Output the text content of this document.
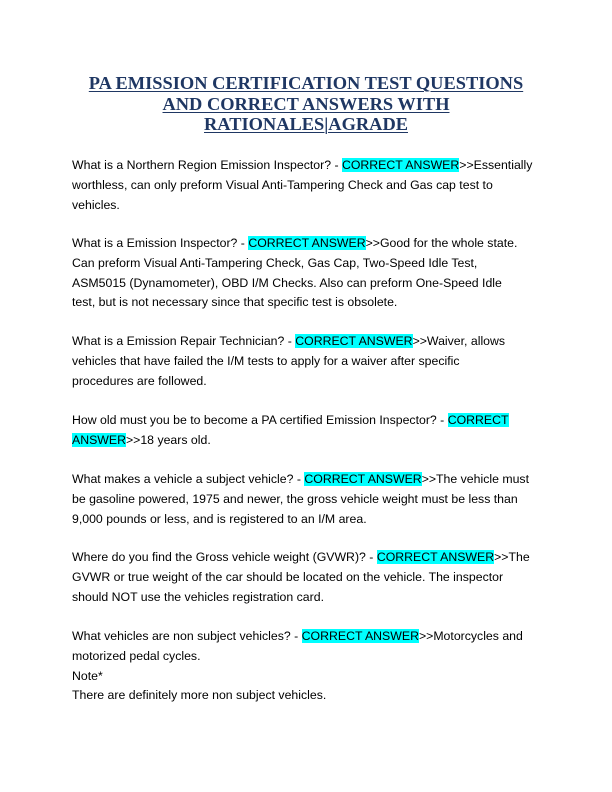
PA EMISSION CERTIFICATION TEST QUESTIONS
AND CORRECT ANSWERS WITH
RATIONALES|AGRADE

What is a Northern Region Emission Inspector? - CORRECT ANSWER>>Essentially
worthless, can only preform Visual Anti-Tampering Check and Gas cap test to
vehicles.

What is a Emission Inspector? - CORRECT ANSWER>>Good for the whole state.
Can preform Visual Anti-Tampering Check, Gas Cap, Two-Speed Idle Test,
ASM5015 (Dynamometer), OBD I/M Checks. Also can preform One-Speed Idle
test, but is not necessary since that specific test is obsolete.

What is a Emission Repair Technician? - CORRECT ANSWER>>Waiver, allows
vehicles that have failed the I/M tests to apply for a waiver after specific
procedures are followed.

How old must you be to become a PA certified Emission Inspector? - CORRECT
ANSWER>>18 years old.

What makes a vehicle a subject vehicle? - CORRECT ANSWER>>The vehicle must
be gasoline powered, 1975 and newer, the gross vehicle weight must be less than
9,000 pounds or less, and is registered to an I/M area.

Where do you find the Gross vehicle weight (GVWR)? - CORRECT ANSWER>>The
GVWR or true weight of the car should be located on the vehicle. The inspector
should NOT use the vehicles registration card.

What vehicles are non subject vehicles? - CORRECT ANSWER>>Motorcycles and
motorized pedal cycles.
Note*
There are definitely more non subject vehicles.
